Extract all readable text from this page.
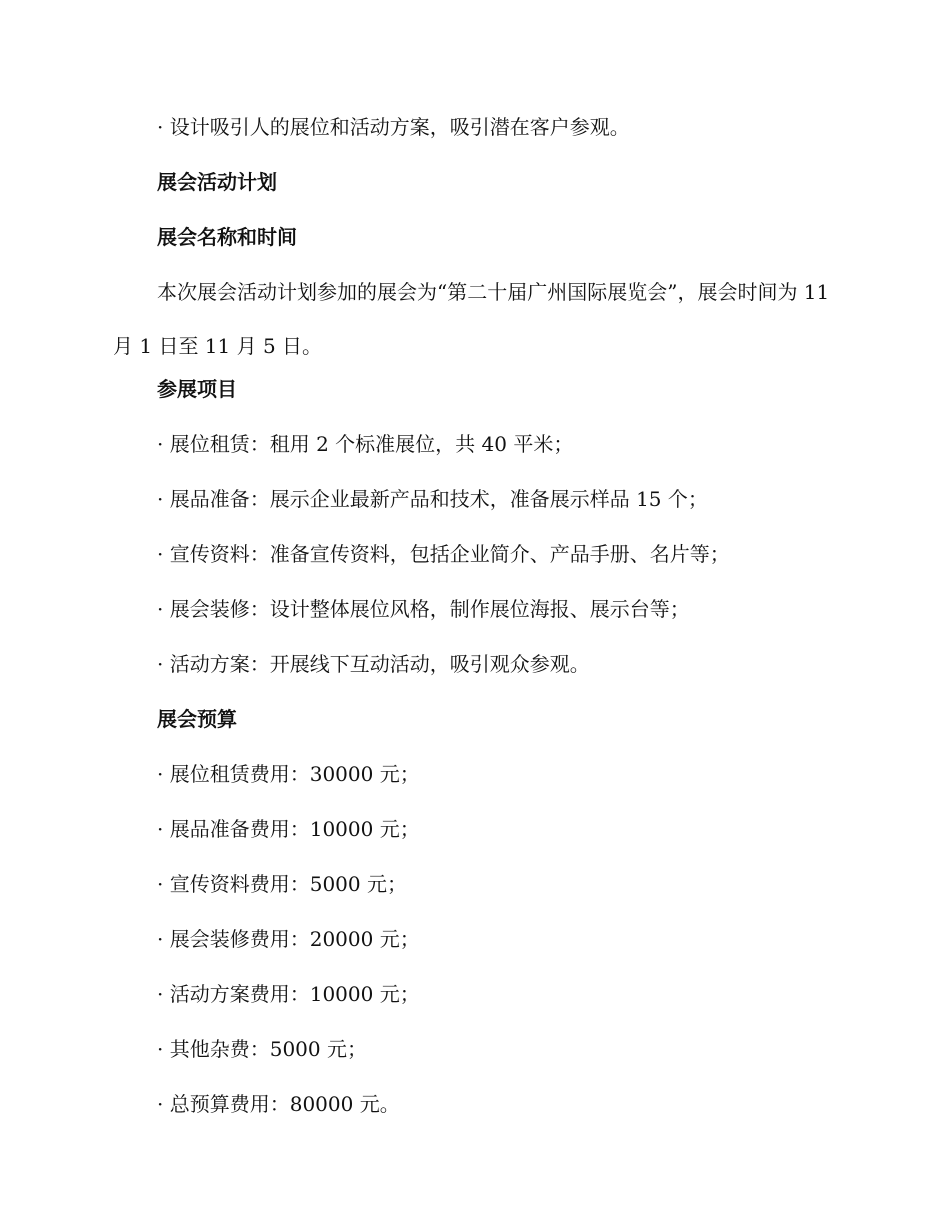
· 设计吸引人的展位和活动方案，吸引潜在客户参观。
展会活动计划
展会名称和时间
本次展会活动计划参加的展会为“第二十届广州国际展览会”，展会时间为 11 月 1 日至 11 月 5 日。
参展项目
· 展位租赁：租用 2 个标准展位，共 40 平米；
· 展品准备：展示企业最新产品和技术，准备展示样品 15 个；
· 宣传资料：准备宣传资料，包括企业简介、产品手册、名片等；
· 展会装修：设计整体展位风格，制作展位海报、展示台等；
· 活动方案：开展线下互动活动，吸引观众参观。
展会预算
· 展位租赁费用：30000 元；
· 展品准备费用：10000 元；
· 宣传资料费用：5000 元；
· 展会装修费用：20000 元；
· 活动方案费用：10000 元；
· 其他杂费：5000 元；
· 总预算费用：80000 元。
